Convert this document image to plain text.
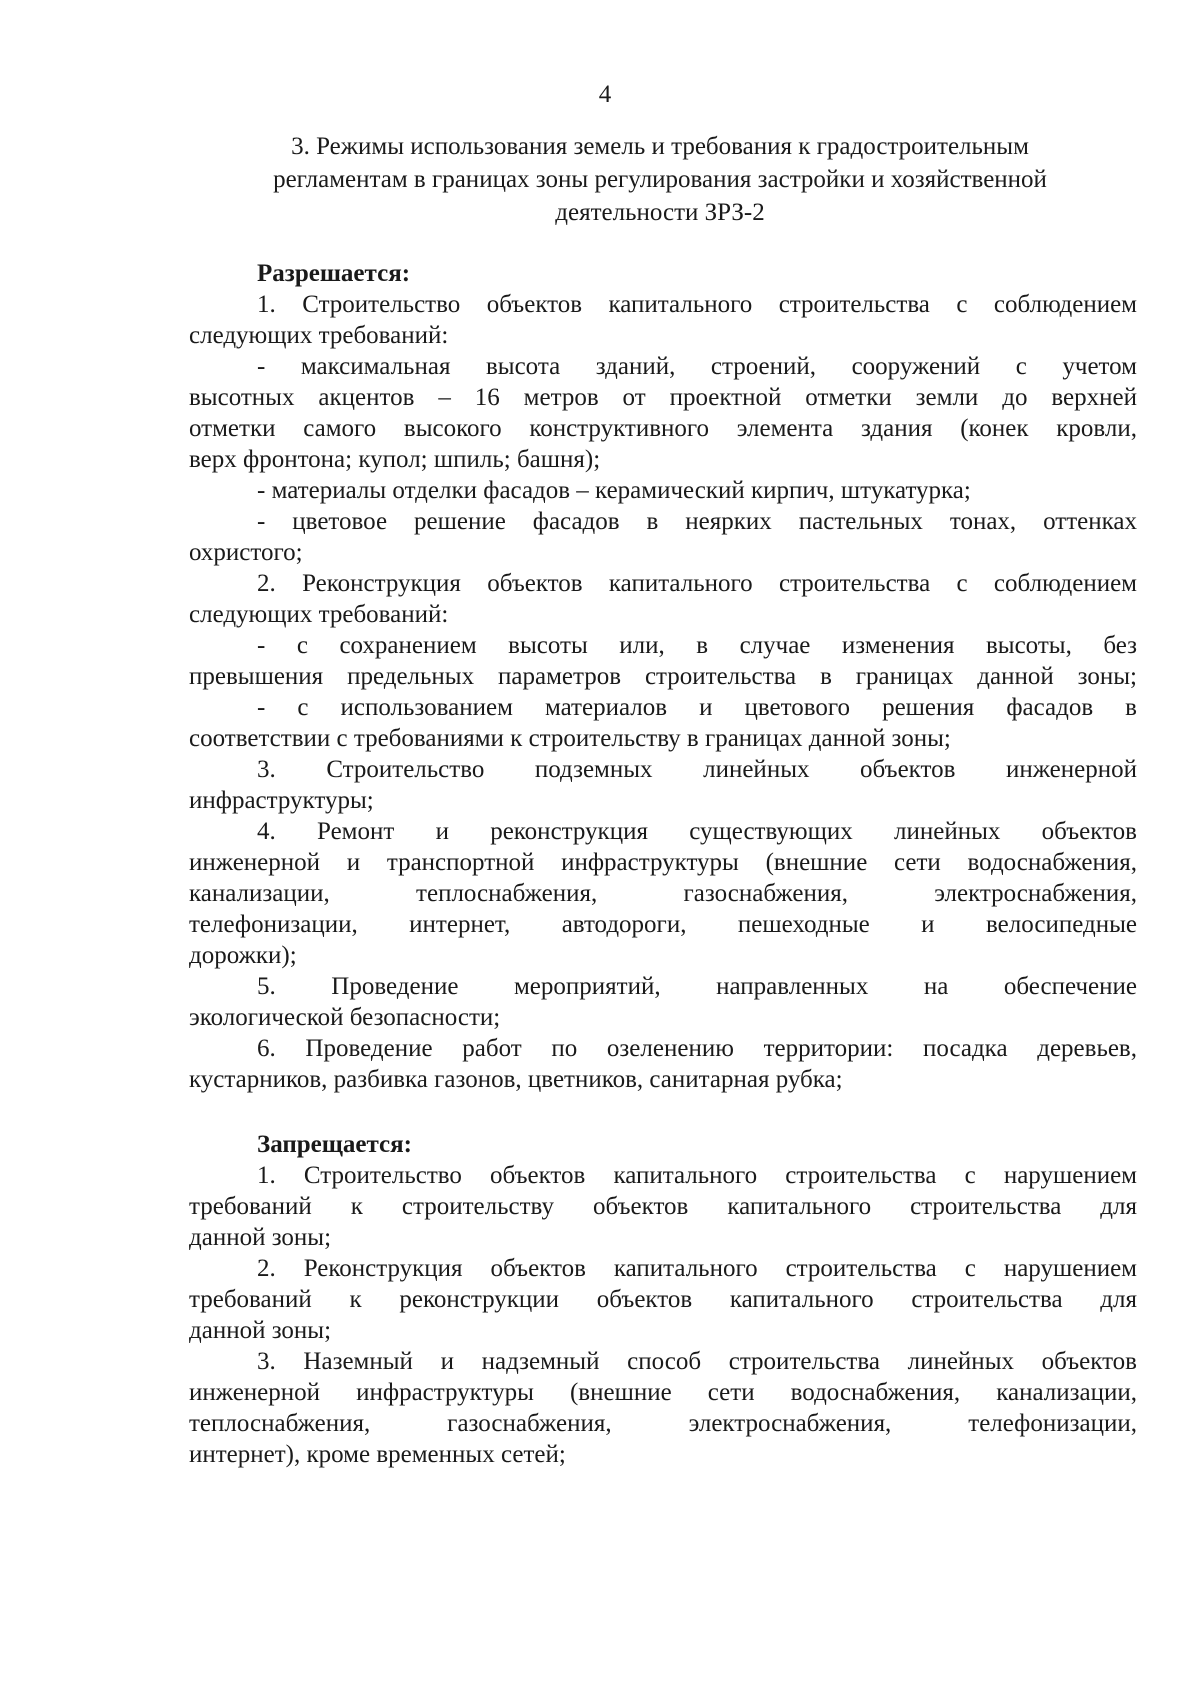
4
3. Режимы использования земель и требования к градостроительным
регламентам в границах зоны регулирования застройки и хозяйственной
деятельности ЗРЗ-2
Разрешается:
1. Строительство объектов капитального строительства с соблюдением
следующих требований:
- максимальная высота зданий, строений, сооружений с учетом
высотных акцентов – 16 метров от проектной отметки земли до верхней
отметки самого высокого конструктивного элемента здания (конек кровли,
верх фронтона; купол; шпиль; башня);
- материалы отделки фасадов – керамический кирпич, штукатурка;
- цветовое решение фасадов в неярких пастельных тонах, оттенках
охристого;
2. Реконструкция объектов капитального строительства с соблюдением
следующих требований:
- с сохранением высоты или, в случае изменения высоты, без
превышения предельных параметров строительства в границах данной зоны;
- с использованием материалов и цветового решения фасадов в
соответствии с требованиями к строительству в границах данной зоны;
3. Строительство подземных линейных объектов инженерной
инфраструктуры;
4. Ремонт и реконструкция существующих линейных объектов
инженерной и транспортной инфраструктуры (внешние сети водоснабжения,
канализации, теплоснабжения, газоснабжения, электроснабжения,
телефонизации, интернет, автодороги, пешеходные и велосипедные
дорожки);
5. Проведение мероприятий, направленных на обеспечение
экологической безопасности;
6. Проведение работ по озеленению территории: посадка деревьев,
кустарников, разбивка газонов, цветников, санитарная рубка;
Запрещается:
1. Строительство объектов капитального строительства с нарушением
требований к строительству объектов капитального строительства для
данной зоны;
2. Реконструкция объектов капитального строительства с нарушением
требований к реконструкции объектов капитального строительства для
данной зоны;
3. Наземный и надземный способ строительства линейных объектов
инженерной инфраструктуры (внешние сети водоснабжения, канализации,
теплоснабжения, газоснабжения, электроснабжения, телефонизации,
интернет), кроме временных сетей;
